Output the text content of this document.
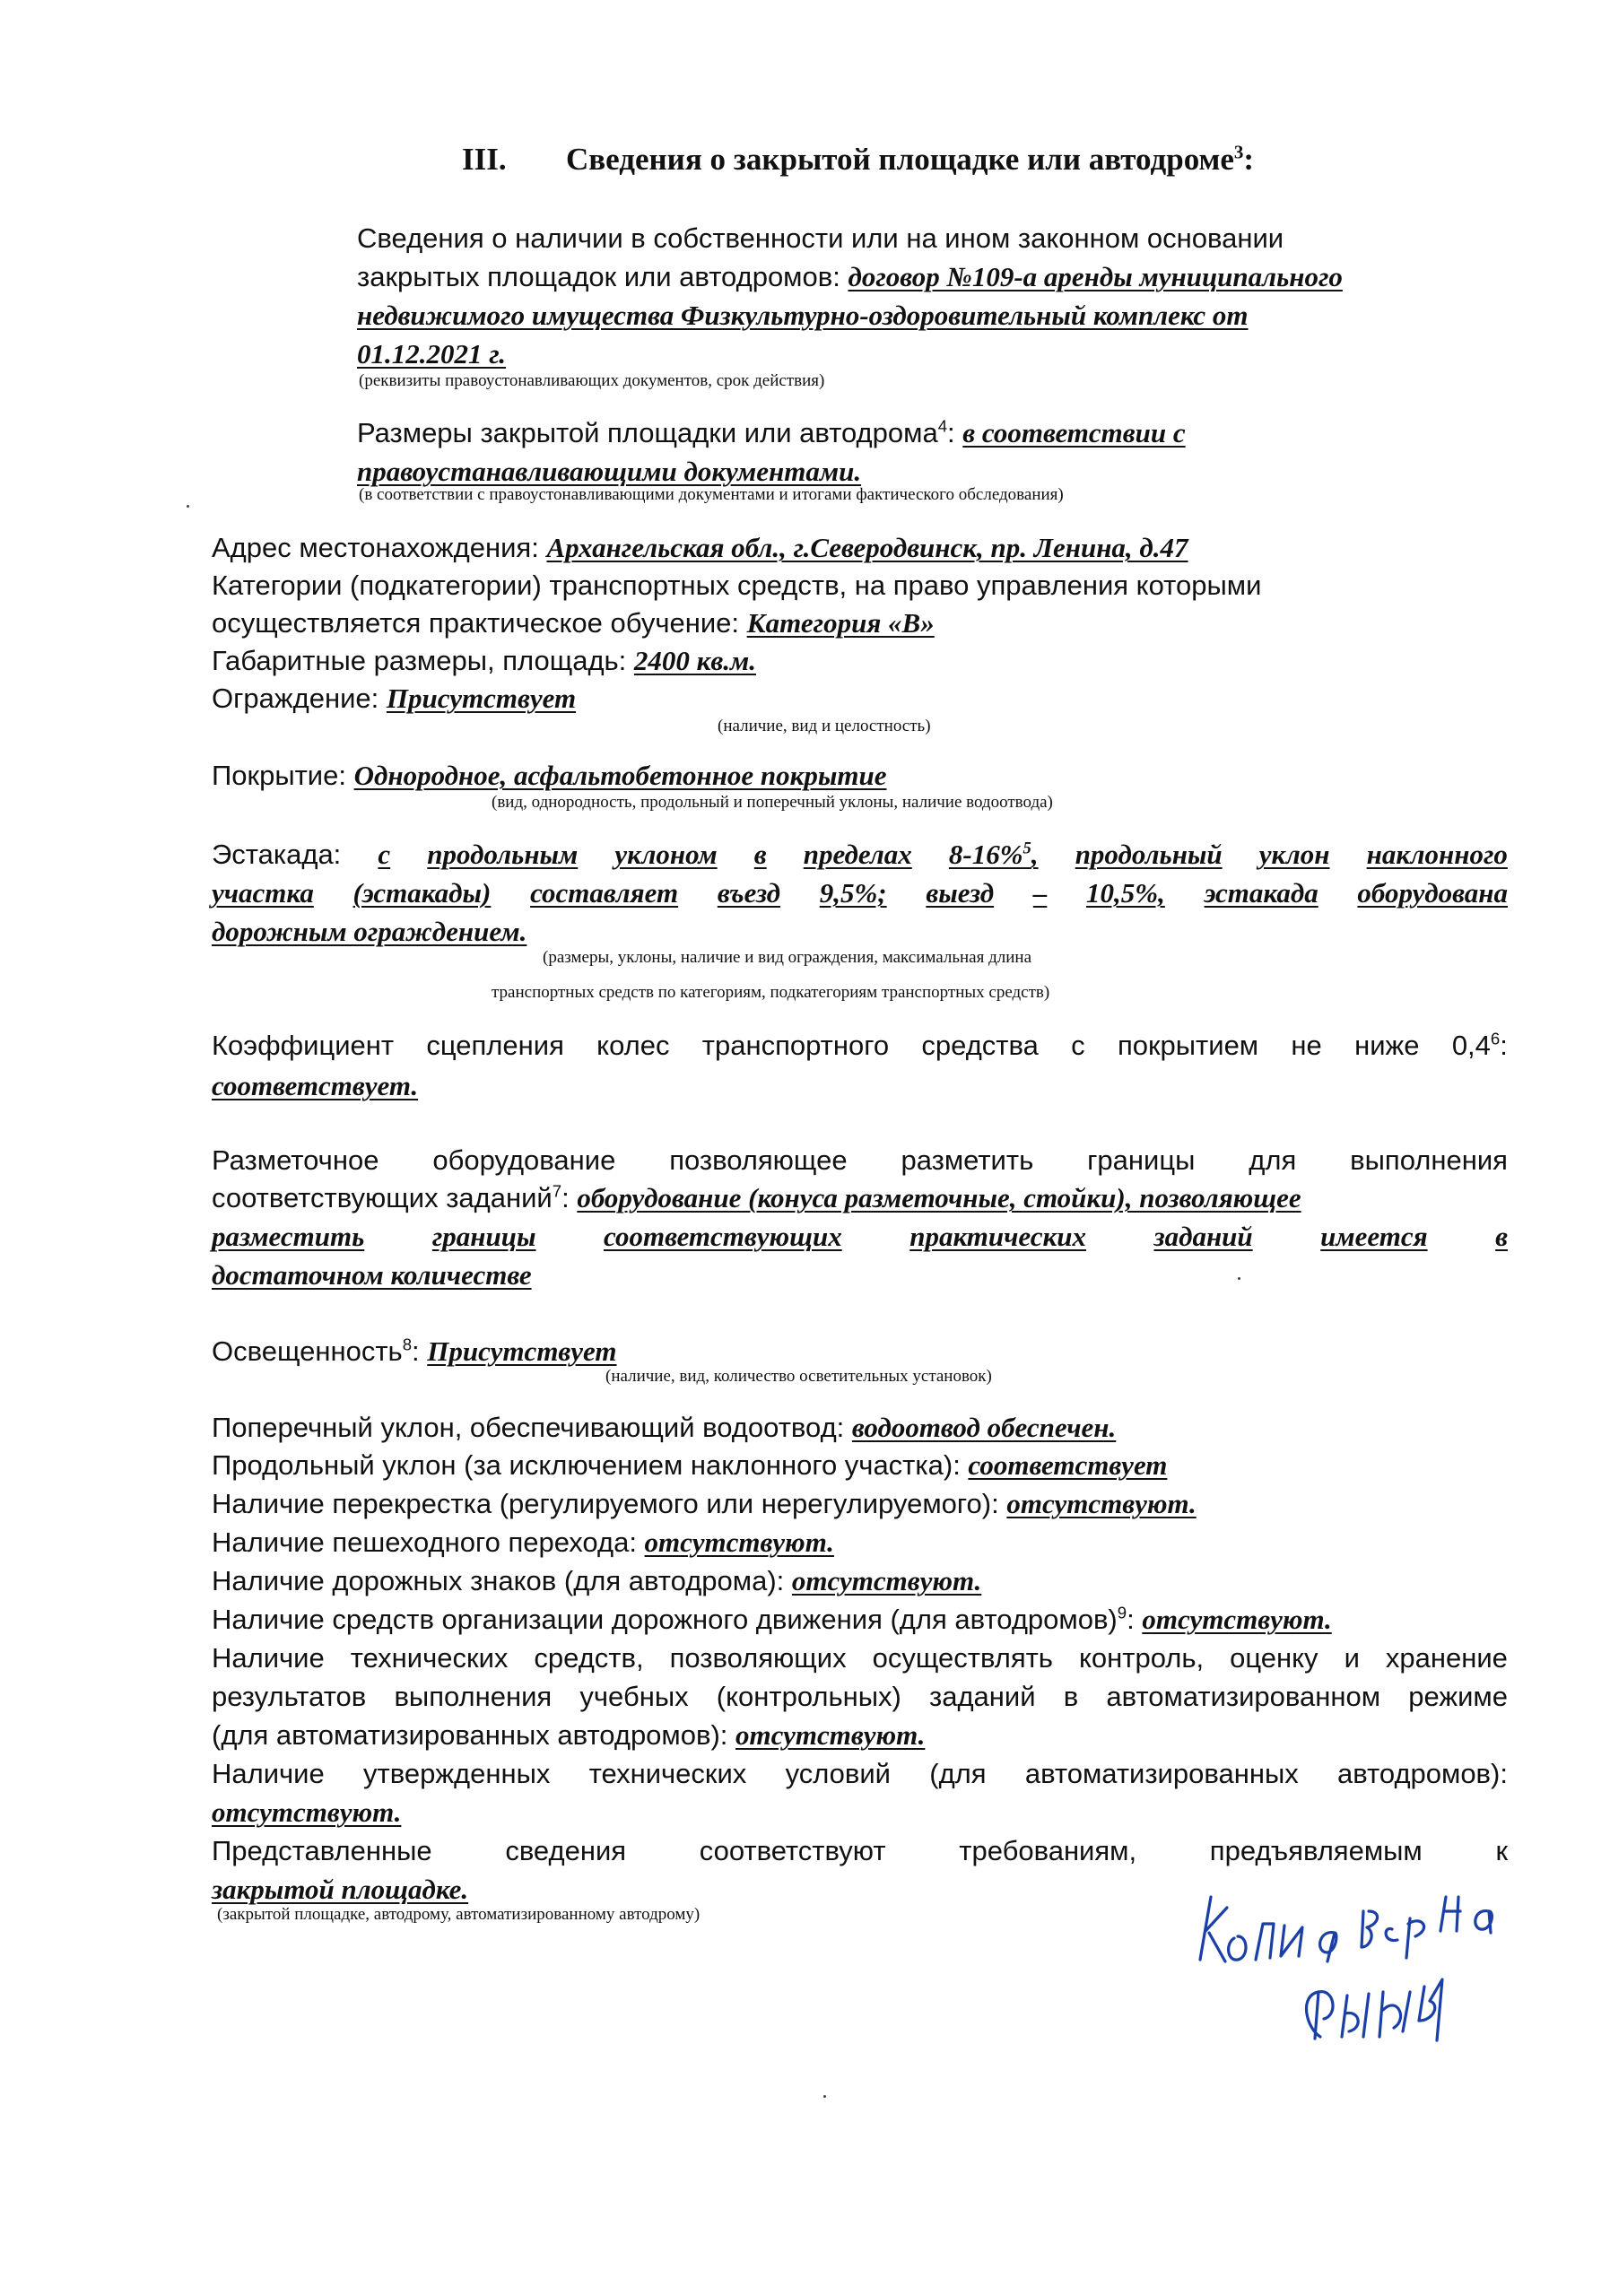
III. Сведения о закрытой площадке или автодроме$^3$:
Сведения о наличии в собственности или на ином законном основании
закрытых площадок или автодромов: договор №109-а аренды муниципального
недвижимого имущества Физкультурно-оздоровительный комплекс от
01.12.2021 г.
(реквизиты правоустонавливающих документов, срок действия)
Размеры закрытой площадки или автодрома$^4$: в соответствии с
правоустанавливающими документами.
(в соответствии с правоустонавливающими документами и итогами фактического обследования)
Адрес местонахождения: Архангельская обл., г.Северодвинск, пр. Ленина, д.47
Категории (подкатегории) транспортных средств, на право управления которыми
осуществляется практическое обучение: Категория «В»
Габаритные размеры, площадь: 2400 кв.м.
Ограждение: Присутствует
(наличие, вид и целостность)
Покрытие: Однородное, асфальтобетонное покрытие
(вид, однородность, продольный и поперечный уклоны, наличие водоотвода)
Эстакада: с продольным уклоном в пределах 8-16%$^5$, продольный уклон наклонного
участка (эстакады) составляет въезд 9,5%; выезд – 10,5%, эстакада оборудована
дорожным ограждением.
(размеры, уклоны, наличие и вид ограждения, максимальная длина
транспортных средств по категориям, подкатегориям транспортных средств)
Коэффициент сцепления колес транспортного средства с покрытием не ниже $0,4^6$:
соответствует.
Разметочное оборудование позволяющее разметить границы для выполнения
соответствующих заданий$^7$: оборудование (конуса разметочные, стойки), позволяющее
разместить границы соответствующих практических заданий имеется в
достаточном количестве
Освещенность$^8$: Присутствует
(наличие, вид, количество осветительных установок)
Поперечный уклон, обеспечивающий водоотвод: водоотвод обеспечен.
Продольный уклон (за исключением наклонного участка): соответствует
Наличие перекрестка (регулируемого или нерегулируемого): отсутствуют.
Наличие пешеходного перехода: отсутствуют.
Наличие дорожных знаков (для автодрома): отсутствуют.
Наличие средств организации дорожного движения (для автодромов)$^9$: отсутствуют.
Наличие технических средств, позволяющих осуществлять контроль, оценку и хранение
результатов выполнения учебных (контрольных) заданий в автоматизированном режиме
(для автоматизированных автодромов): отсутствуют.
Наличие утвержденных технических условий (для автоматизированных автодромов):
отсутствуют.
Представленные	сведения	соответствуют	требованиям,	предъявляемым	к
закрытой площадке.
(закрытой площадке, автодрому, автоматизированному автодрому)
